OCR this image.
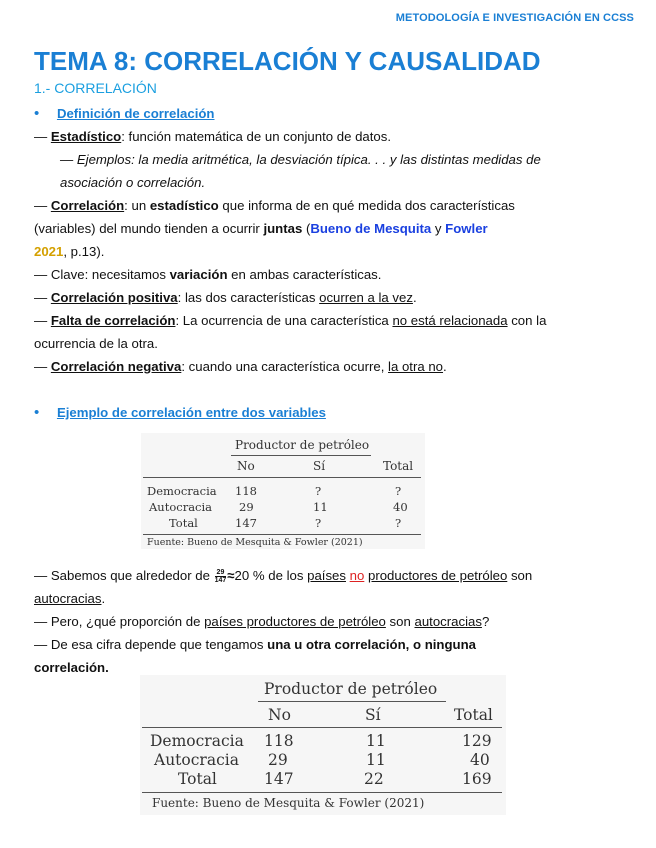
METODOLOGÍA E INVESTIGACIÓN EN CCSS
TEMA 8: CORRELACIÓN Y CAUSALIDAD
1.- CORRELACIÓN
• Definición de correlación
— Estadístico: función matemática de un conjunto de datos.
— Ejemplos: la media aritmética, la desviación típica. . . y las distintas medidas de
asociación o correlación.
— Correlación: un estadístico que informa de en qué medida dos características
(variables) del mundo tienden a ocurrir juntas (Bueno de Mesquita y Fowler
2021, p.13).
— Clave: necesitamos variación en ambas características.
— Correlación positiva: las dos características ocurren a la vez.
— Falta de correlación: La ocurrencia de una característica no está relacionada con la
ocurrencia de la otra.
— Correlación negativa: cuando una característica ocurre, la otra no.
• Ejemplo de correlación entre dos variables
Productor de petróleo
No	Sí	Total
Democracia 118	?	?
Autocracia 29	11	40
Total	147	?	?
Fuente: Bueno de Mesquita & Fowler (2021)
— Sabemos que alrededor de $\frac{29}{147} \approx 20$ % de los países no productores de petróleo son
autocracias.
— Pero, ¿qué proporción de países productores de petróleo son autocracias?
— De esa cifra depende que tengamos una u otra correlación, o ninguna
correlación.
Productor de petróleo
No	Sí	Total
Democracia 118	11	129
Autocracia 29	11	40
Total	147	22	169
Fuente: Bueno de Mesquita & Fowler (2021)
